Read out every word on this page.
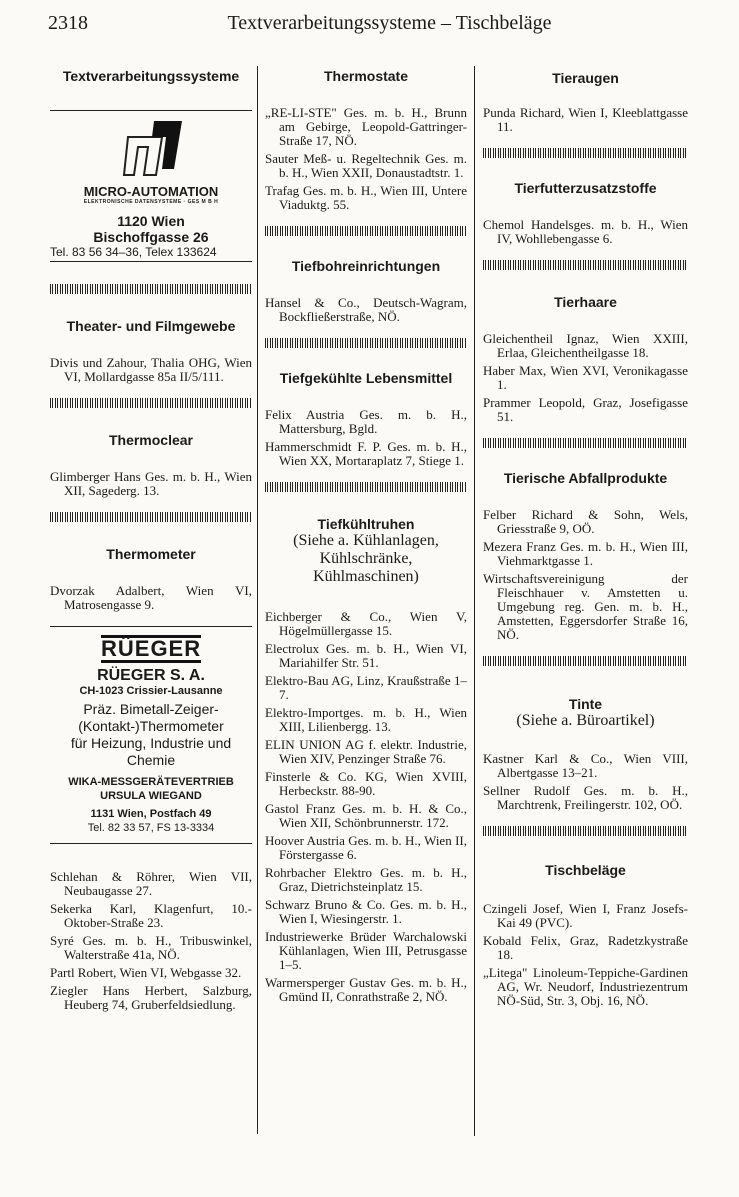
2318	Textverarbeitungssysteme – Tischbeläge
Textverarbeitungssysteme
MICRO-AUTOMATION
ELEKTRONISCHE DATENSYSTEME · GES M B H
1120 Wien
Bischoffgasse 26
Tel. 83 56 34–36, Telex 133624
Theater- und Filmgewebe

Divis und Zahour, Thalia OHG, Wien VI, Mollardgasse 85a II/5/111.

Thermoclear

Glimberger Hans Ges. m. b. H., Wien XII, Sagederg. 13.

Thermometer

Dvorzak Adalbert, Wien VI, Matrosengasse 9.

RÜEGER
RÜEGER S. A.
CH-1023 Crissier-Lausanne
Präz. Bimetall-Zeiger-
(Kontakt-)Thermometer
für Heizung, Industrie und
Chemie
WIKA-MESSGERÄTEVERTRIEB
URSULA WIEGAND
1131 Wien, Postfach 49
Tel. 82 33 57, FS 13-3334

Schlehan & Röhrer, Wien VII, Neubaugasse 27.

Sekerka Karl, Klagenfurt, 10.-Oktober-Straße 23.

Syré Ges. m. b. H., Tribuswinkel, Walterstraße 41a, NÖ.

Partl Robert, Wien VI, Webgasse 32.

Ziegler Hans Herbert, Salzburg, Heuberg 74, Gruberfeldsiedlung.

Thermostate

„RE-LI-STE" Ges. m. b. H., Brunn am Gebirge, Leopold-Gattringer-Straße 17, NÖ.

Sauter Meß- u. Regeltechnik Ges. m. b. H., Wien XXII, Donaustadtstr. 1.

Trafag Ges. m. b. H., Wien III, Untere Viaduktg. 55.

Tiefbohreinrichtungen

Hansel & Co., Deutsch-Wagram, Bockfließerstraße, NÖ.

Tiefgekühlte Lebensmittel

Felix Austria Ges. m. b. H., Mattersburg, Bgld.

Hammerschmidt F. P. Ges. m. b. H., Wien XX, Mortaraplatz 7, Stiege 1.

Tiefkühltruhen
(Siehe a. Kühlanlagen, Kühlschränke, Kühlmaschinen)

Eichberger & Co., Wien V, Högelmüllergasse 15.

Electrolux Ges. m. b. H., Wien VI, Mariahilfer Str. 51.

Elektro-Bau AG, Linz, Kraußstraße 1–7.

Elektro-Importges. m. b. H., Wien XIII, Lilienbergg. 13.

ELIN UNION AG f. elektr. Industrie, Wien XIV, Penzinger Straße 76.

Finsterle & Co. KG, Wien XVIII, Herbeckstr. 88-90.

Gastol Franz Ges. m. b. H. & Co., Wien XII, Schönbrunnerstr. 172.

Hoover Austria Ges. m. b. H., Wien II, Förstergasse 6.

Rohrbacher Elektro Ges. m. b. H., Graz, Dietrichsteinplatz 15.

Schwarz Bruno & Co. Ges. m. b. H., Wien I, Wiesingerstr. 1.

Industriewerke Brüder Warchalowski Kühlanlagen, Wien III, Petrusgasse 1–5.

Warmersperger Gustav Ges. m. b. H., Gmünd II, Conrathstraße 2, NÖ.

Tieraugen

Punda Richard, Wien I, Kleeblattgasse 11.

Tierfutterzusatzstoffe

Chemol Handelsges. m. b. H., Wien IV, Wohllebengasse 6.

Tierhaare

Gleichentheil Ignaz, Wien XXIII, Erlaa, Gleichentheilgasse 18.

Haber Max, Wien XVI, Veronikagasse 1.

Prammer Leopold, Graz, Josefigasse 51.

Tierische Abfallprodukte

Felber Richard & Sohn, Wels, Griesstraße 9, OÖ.

Mezera Franz Ges. m. b. H., Wien III, Viehmarktgasse 1.

Wirtschaftsvereinigung der Fleischhauer v. Amstetten u. Umgebung reg. Gen. m. b. H., Amstetten, Eggersdorfer Straße 16, NÖ.

Tinte
(Siehe a. Büroartikel)

Kastner Karl & Co., Wien VIII, Albertgasse 13–21.

Sellner Rudolf Ges. m. b. H., Marchtrenk, Freilingerstr. 102, OÖ.

Tischbeläge

Czingeli Josef, Wien I, Franz Josefs-Kai 49 (PVC).

Kobald Felix, Graz, Radetzkystraße 18.

„Litega" Linoleum-Teppiche-Gardinen AG, Wr. Neudorf, Industriezentrum NÖ-Süd, Str. 3, Obj. 16, NÖ.
